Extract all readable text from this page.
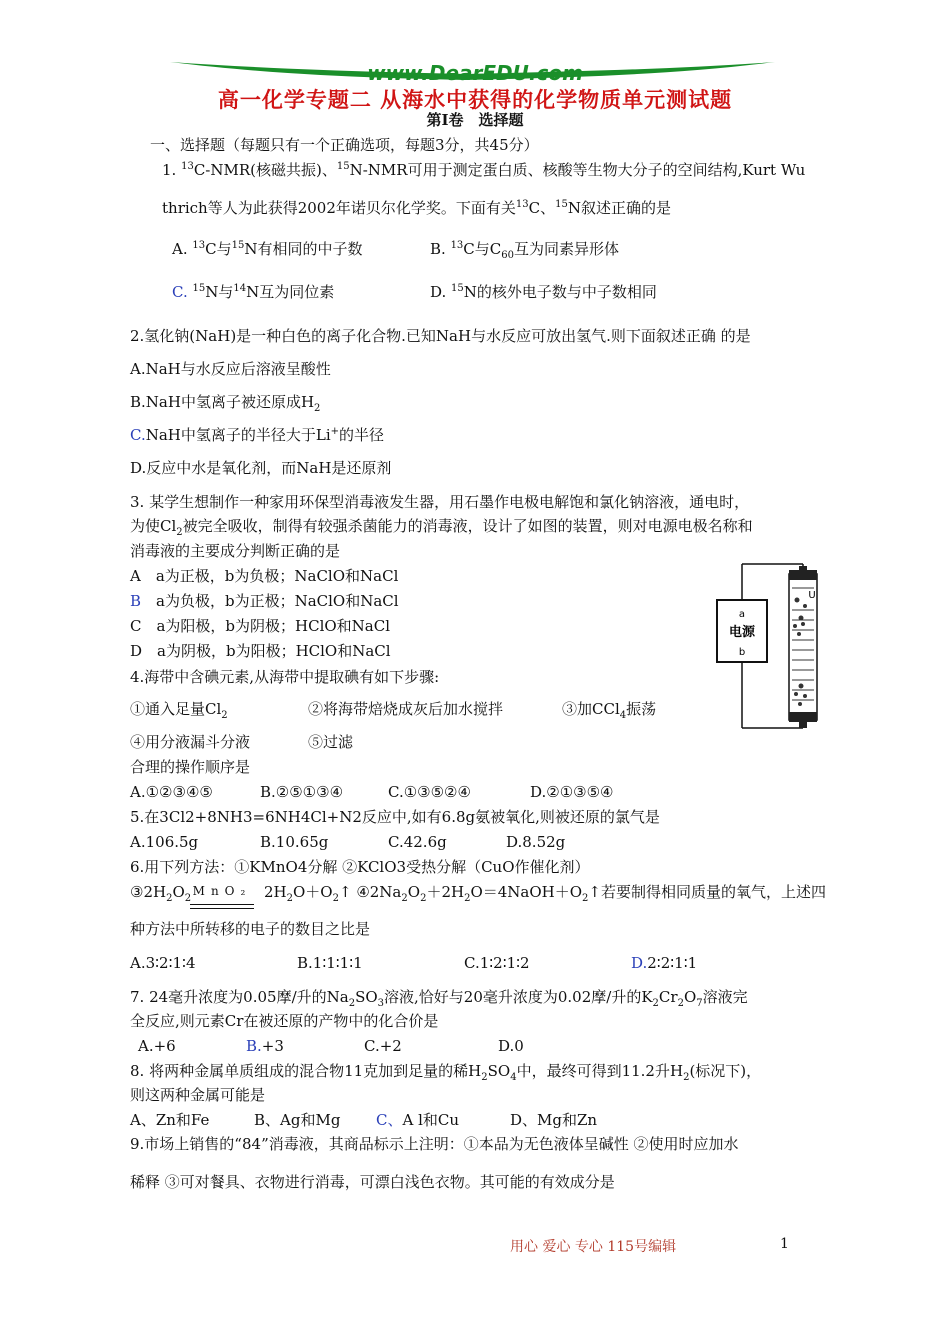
www.DearEDU.com
高一化学专题二 从海水中获得的化学物质单元测试题
第Ⅰ卷　选择题
一、选择题（每题只有一个正确选项，每题3分，共45分）
1. $^{13}$C-NMR(核磁共振)、$^{15}$N-NMR可用于测定蛋白质、核酸等生物大分子的空间结构,Kurt Wu
thrich等人为此获得2002年诺贝尔化学奖。下面有关$^{13}$C、$^{15}$N叙述正确的是
A. $^{13}$C与$^{15}$N有相同的中子数	B. $^{13}$C与$C_{60}$互为同素异形体
C. $^{15}$N与$^{14}$N互为同位素	D. $^{15}$N的核外电子数与中子数相同
2.氢化钠(NaH)是一种白色的离子化合物.已知NaH与水反应可放出氢气.则下面叙述正确 的是
A.NaH与水反应后溶液呈酸性
B.NaH中氢离子被还原成$H_2$
C.NaH中氢离子的半径大于Li+的半径
D.反应中水是氧化剂，而NaH是还原剂
3. 某学生想制作一种家用环保型消毒液发生器，用石墨作电极电解饱和氯化钠溶液，通电时，
为使$Cl_2$被完全吸收，制得有较强杀菌能力的消毒液，设计了如图的装置，则对电源电极名称和
消毒液的主要成分判断正确的是
A　a为正极，b为负极；NaClO和NaCl
B　a为负极，b为正极；NaClO和NaCl
C　a为阳极，b为阴极；HClO和NaCl
D　a为阴极，b为阳极；HClO和NaCl
a
电源
b
U
4.海带中含碘元素,从海带中提取碘有如下步骤:
①通入足量$Cl_2$	②将海带焙烧成灰后加水搅拌	③加CCl$_4$振荡
④用分液漏斗分液	⑤过滤
合理的操作顺序是
A.①②③④⑤	B.②⑤①③④	C.①③⑤②④	D.②①③⑤④
5.在3Cl2+8NH3=6NH4Cl+N2反应中,如有6.8g氨被氧化,则被还原的氯气是
A.106.5g	B.10.65g	C.42.6g	D.8.52g
6.用下列方法：①KMnO4分解 ②KClO3受热分解（CuO作催化剂）
$③2H_2O_2$
MnO₂ $2H_2O+O_2↑$ $④2Na_2O_2+2H_2O=4NaOH+O_2↑$若要制得相同质量的氧气，上述四
种方法中所转移的电子的数目之比是
A.3∶2∶1∶4	B.1∶1∶1∶1	C.1∶2∶1∶2	D.2∶2∶1∶1
7. 24毫升浓度为0.05摩/升的$Na_2SO_3$溶液,恰好与20毫升浓度为0.02摩/升的$K_2Cr_2O_7$溶液完
全反应,则元素Cr在被还原的产物中的化合价是
A.+6	B.+3	C.+2	D.0
8. 将两种金属单质组成的混合物11克加到足量的稀$H_2SO_4$中，最终可得到11.2升$H_2$(标况下)，
则这两种金属可能是
A、Zn和Fe	B、Ag和Mg C、A l和Cu	D、Mg和Zn
9.市场上销售的“84”消毒液，其商品标示上注明：①本品为无色液体呈碱性 ②使用时应加水
稀释 ③可对餐具、衣物进行消毒，可漂白浅色衣物。其可能的有效成分是
用心 爱心 专心 115号编辑	1
